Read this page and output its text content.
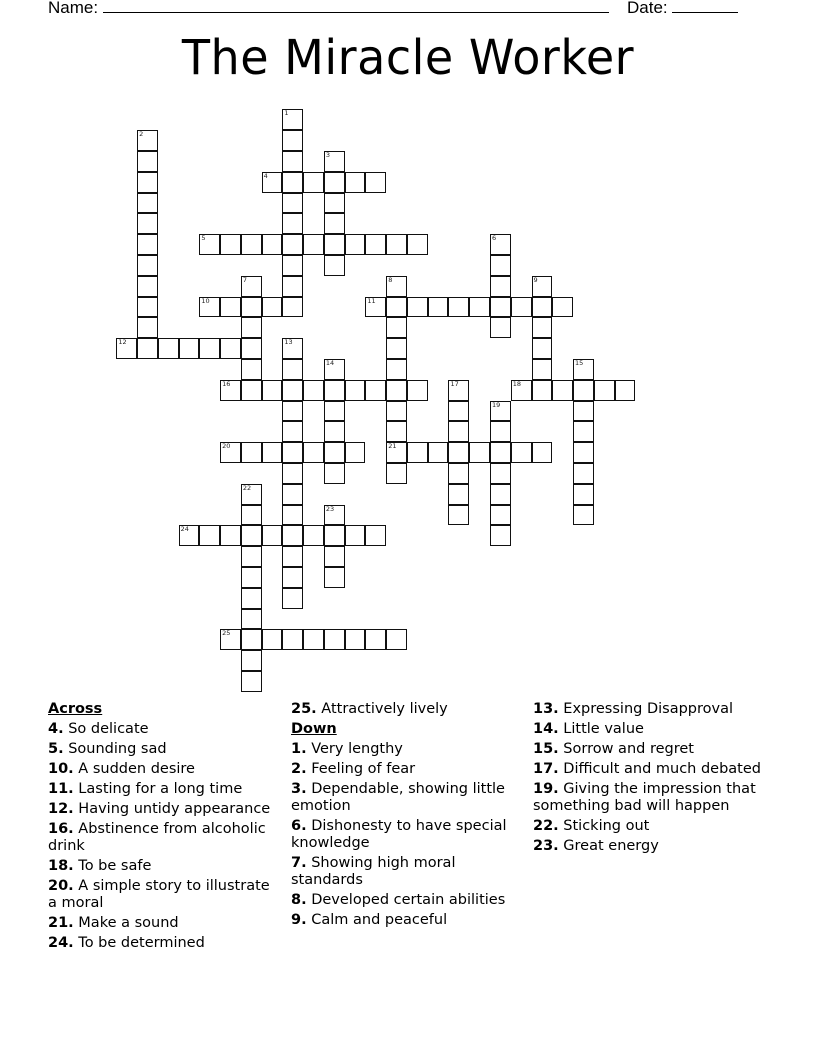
Name:	Date:
The Miracle Worker
1
2
3
4
5	6
7	8
21
9
10	11
12	13
14	15
16	17	18
19
20
22
23
24
25
Across
4. So delicate
5. Sounding sad
10. A sudden desire
11. Lasting for a long time
12. Having untidy appearance
16. Abstinence from alcoholic drink
18. To be safe
20. A simple story to illustrate a moral
21. Make a sound
24. To be determined
25. Attractively lively
Down
1. Very lengthy
2. Feeling of fear
3. Dependable, showing little emotion
6. Dishonesty to have special knowledge
7. Showing high moral standards
8. Developed certain abilities
9. Calm and peaceful
13. Expressing Disapproval
14. Little value
15. Sorrow and regret
17. Difficult and much debated
19. Giving the impression that something bad will happen
22. Sticking out
23. Great energy
